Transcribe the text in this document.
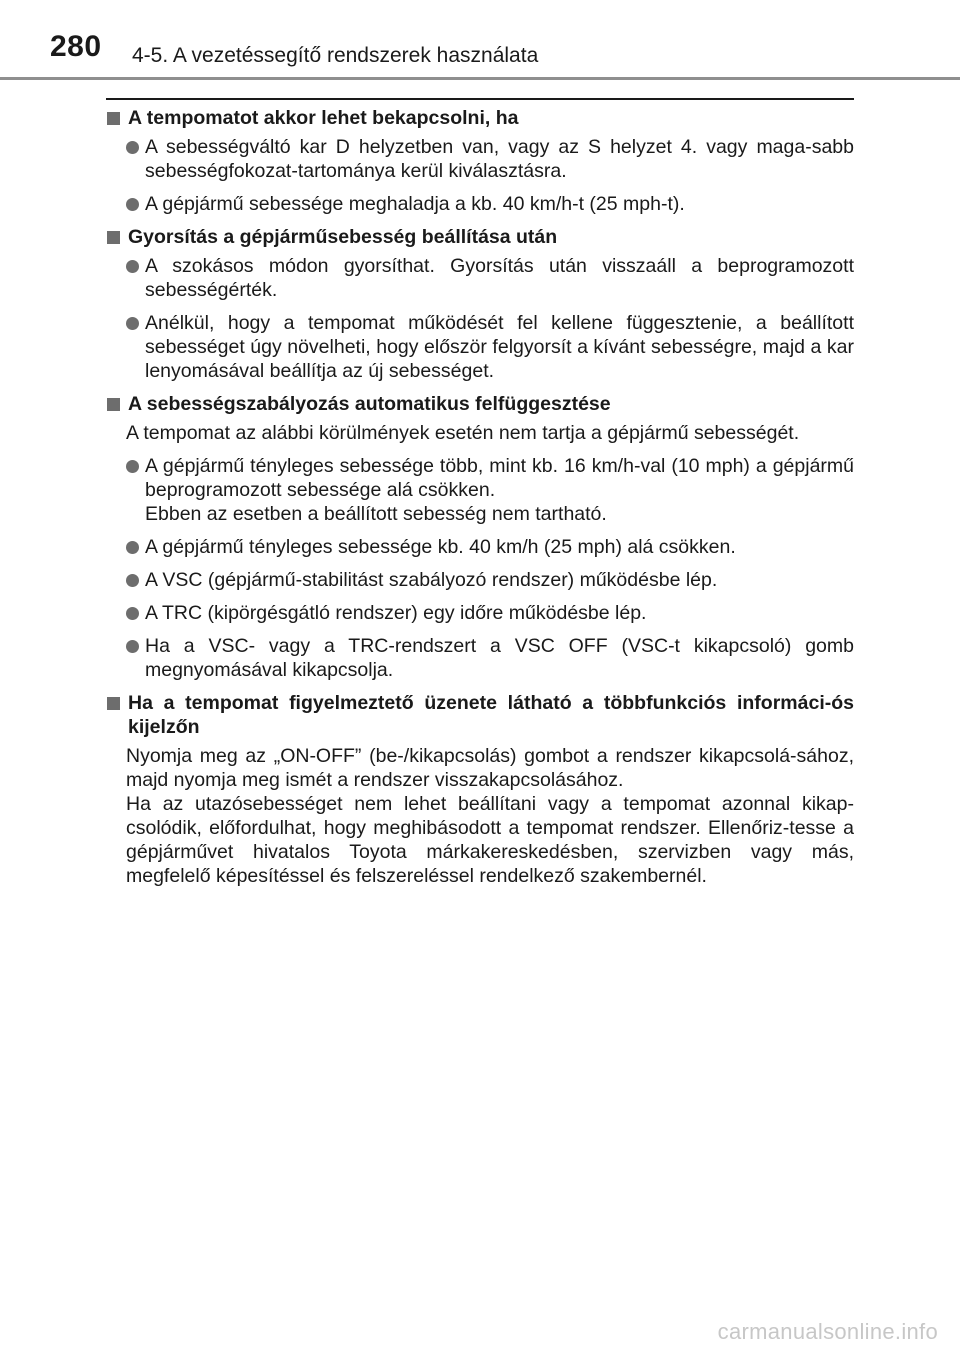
280 4-5. A vezetéssegítő rendszerek használata
A tempomatot akkor lehet bekapcsolni, ha
A sebességváltó kar D helyzetben van, vagy az S helyzet 4. vagy maga-sabb sebességfokozat-tartománya kerül kiválasztásra.
A gépjármű sebessége meghaladja a kb. 40 km/h-t (25 mph-t).
Gyorsítás a gépjárműsebesség beállítása után
A szokásos módon gyorsíthat. Gyorsítás után visszaáll a beprogramozott sebességérték.
Anélkül, hogy a tempomat működését fel kellene függesztenie, a beállított sebességet úgy növelheti, hogy először felgyorsít a kívánt sebességre, majd a kar lenyomásával beállítja az új sebességet.
A sebességszabályozás automatikus felfüggesztése
A tempomat az alábbi körülmények esetén nem tartja a gépjármű sebességét.
A gépjármű tényleges sebessége több, mint kb. 16 km/h-val (10 mph) a gépjármű beprogramozott sebessége alá csökken.
Ebben az esetben a beállított sebesség nem tartható.
A gépjármű tényleges sebessége kb. 40 km/h (25 mph) alá csökken.
A VSC (gépjármű-stabilitást szabályozó rendszer) működésbe lép.
A TRC (kipörgésgátló rendszer) egy időre működésbe lép.
Ha a VSC- vagy a TRC-rendszert a VSC OFF (VSC-t kikapcsoló) gomb megnyomásával kikapcsolja.
Ha a tempomat figyelmeztető üzenete látható a többfunkciós informáci-ós kijelzőn
Nyomja meg az „ON-OFF” (be-/kikapcsolás) gombot a rendszer kikapcsolá-sához, majd nyomja meg ismét a rendszer visszakapcsolásához.
Ha az utazósebességet nem lehet beállítani vagy a tempomat azonnal kikap-csolódik, előfordulhat, hogy meghibásodott a tempomat rendszer. Ellenőriz-tesse a gépjárművet hivatalos Toyota márkakereskedésben, szervizben vagy más, megfelelő képesítéssel és felszereléssel rendelkező szakembernél.
carmanualsonline.info
